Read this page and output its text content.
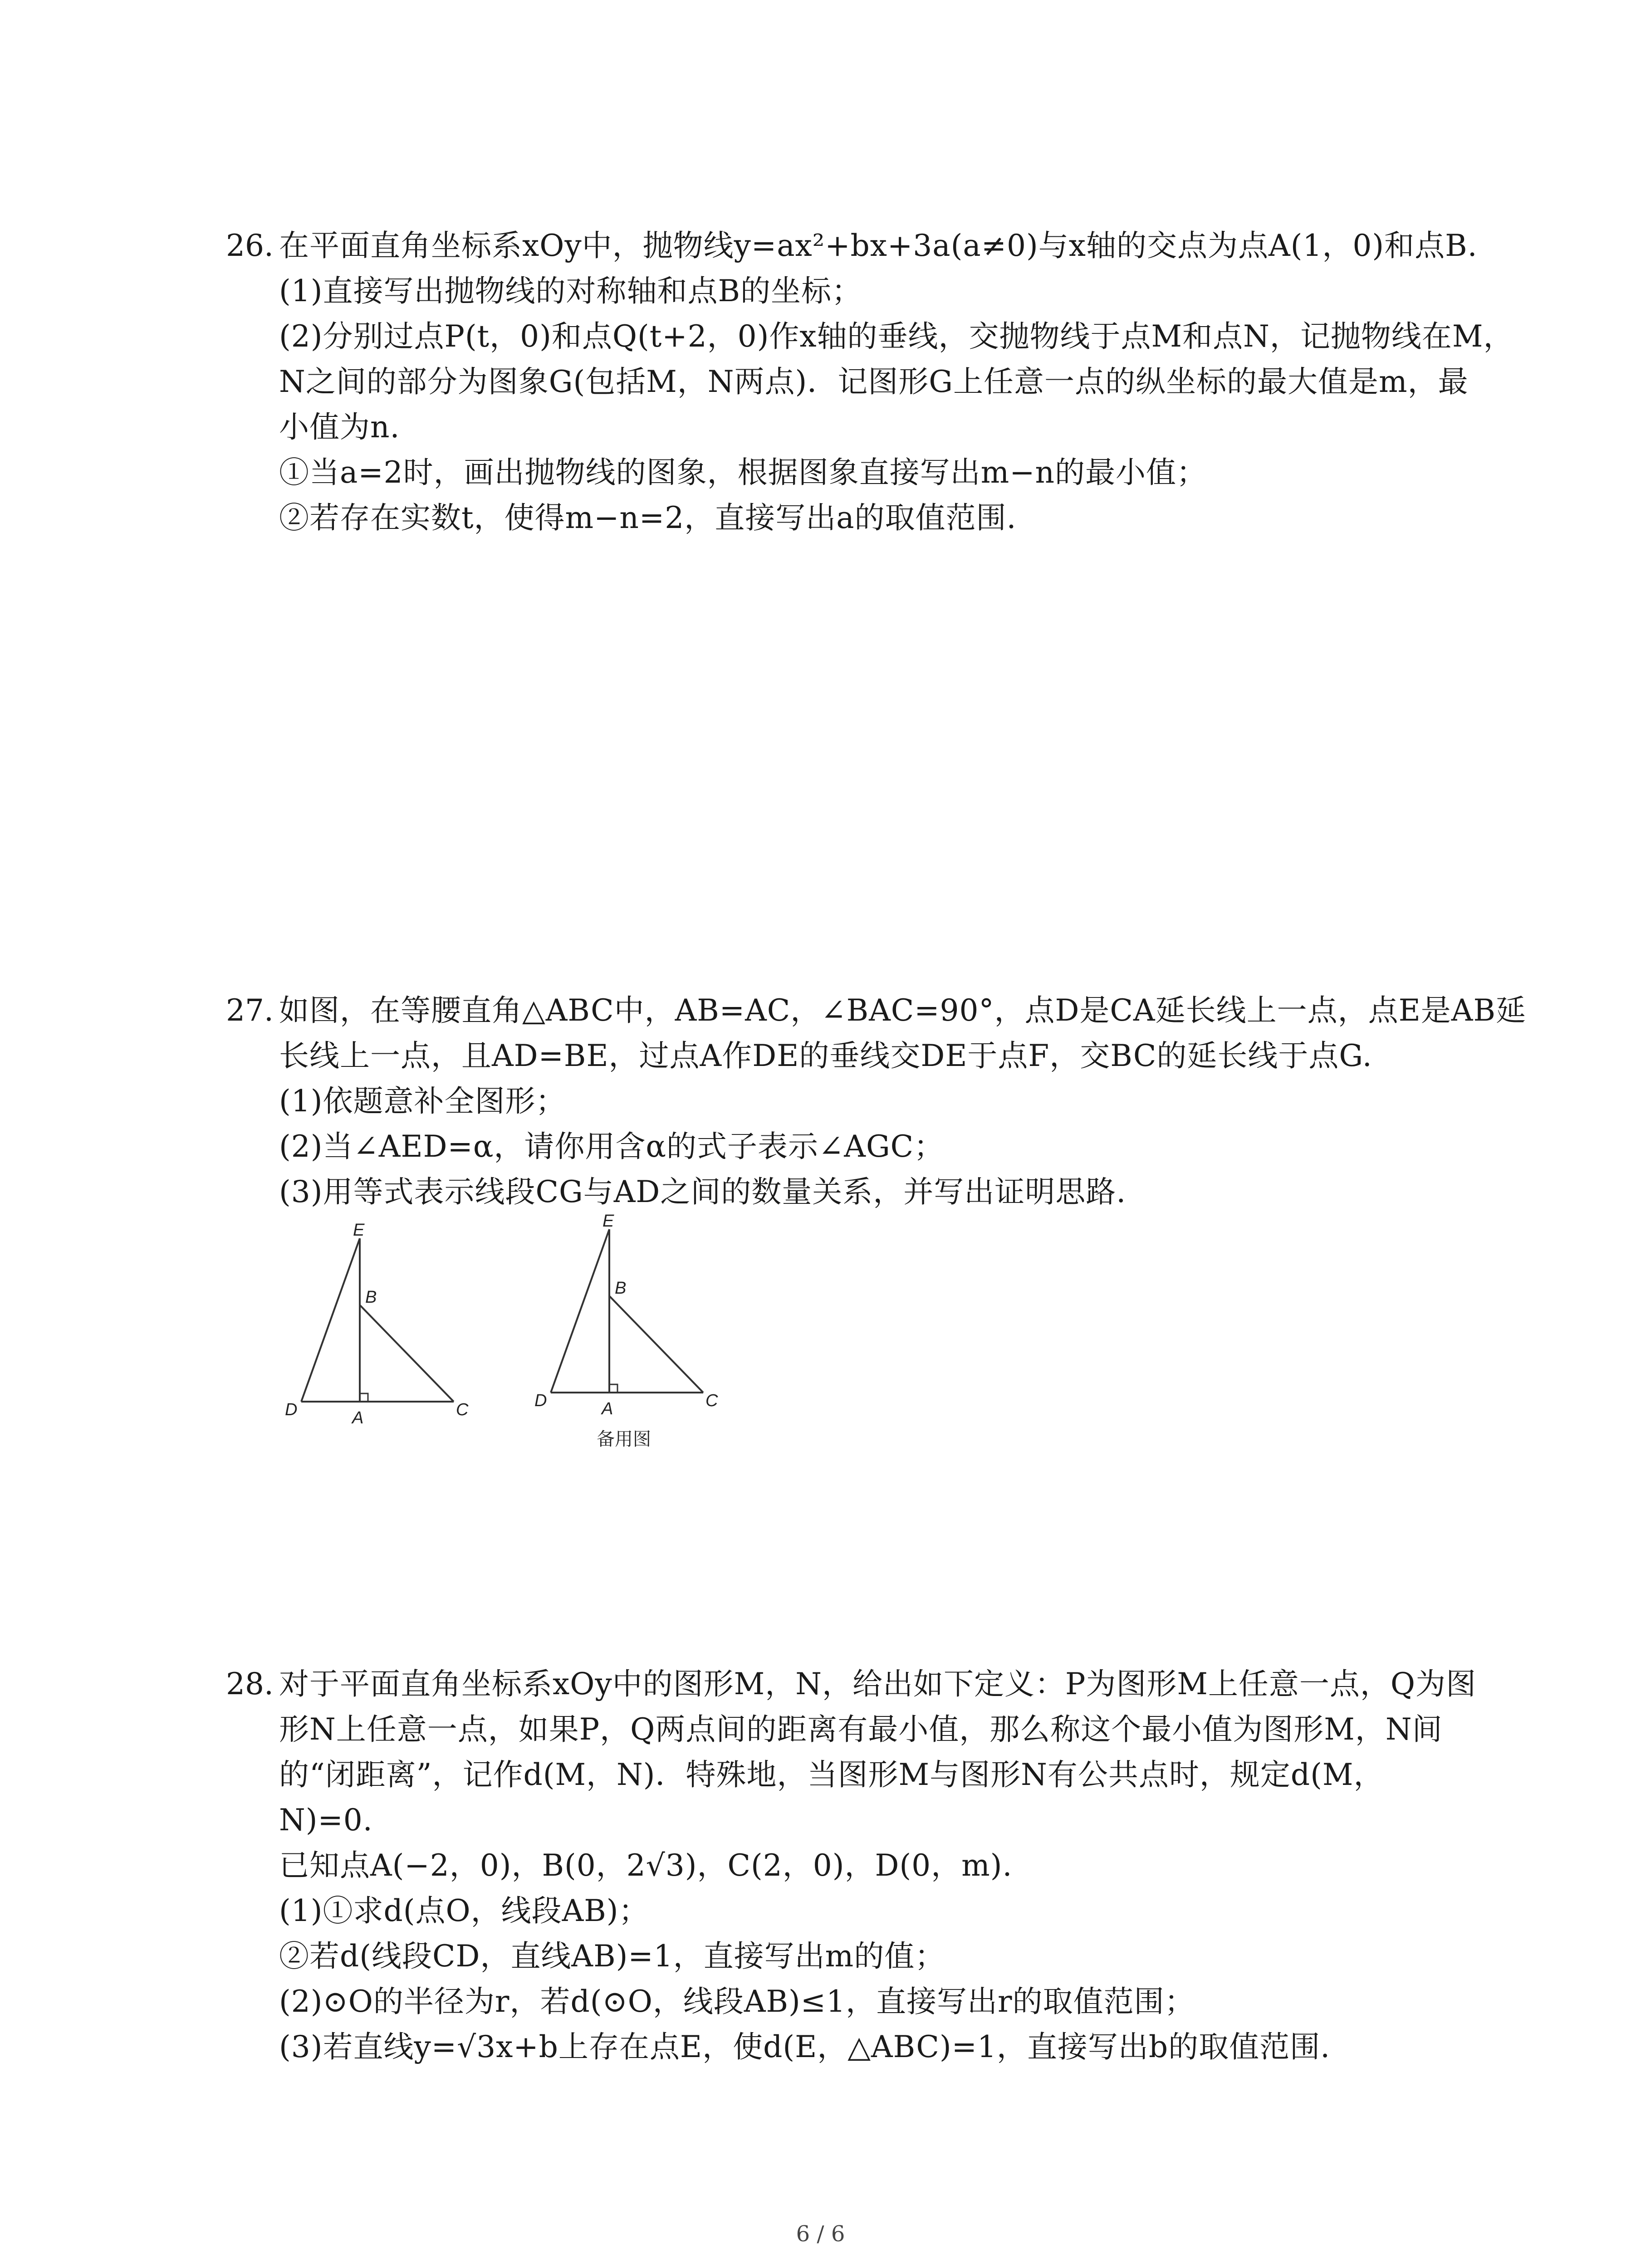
26. 在平面直角坐标系xOy中，抛物线y=ax²+bx+3a(a≠0)与x轴的交点为点A(1，0)和点B.
(1)直接写出抛物线的对称轴和点B的坐标；
(2)分别过点P(t，0)和点Q(t+2，0)作x轴的垂线，交抛物线于点M和点N，记抛物线在M，
N之间的部分为图象G(包括M，N两点)．记图形G上任意一点的纵坐标的最大值是m，最
小值为n.
①当a=2时，画出抛物线的图象，根据图象直接写出m−n的最小值；
②若存在实数t，使得m−n=2，直接写出a的取值范围.
27. 如图，在等腰直角△ABC中，AB=AC，∠BAC=90°，点D是CA延长线上一点，点E是AB延
长线上一点，且AD=BE，过点A作DE的垂线交DE于点F，交BC的延长线于点G.
(1)依题意补全图形；
(2)当∠AED=α，请你用含α的式子表示∠AGC；
(3)用等式表示线段CG与AD之间的数量关系，并写出证明思路.
E
B
D	A	C
E
B
D	A	C
备用图
28. 对于平面直角坐标系xOy中的图形M，N，给出如下定义：P为图形M上任意一点，Q为图
形N上任意一点，如果P，Q两点间的距离有最小值，那么称这个最小值为图形M，N间
的“闭距离”，记作d(M，N)．特殊地，当图形M与图形N有公共点时，规定d(M，
N)=0.
已知点A(−2，0)，B(0，2√3)，C(2，0)，D(0，m).
(1)①求d(点O，线段AB)；
②若d(线段CD，直线AB)=1，直接写出m的值；
(2)⊙O的半径为r，若d(⊙O，线段AB)≤1，直接写出r的取值范围；
(3)若直线y=√3x+b上存在点E，使d(E，△ABC)=1，直接写出b的取值范围.
6 / 6
